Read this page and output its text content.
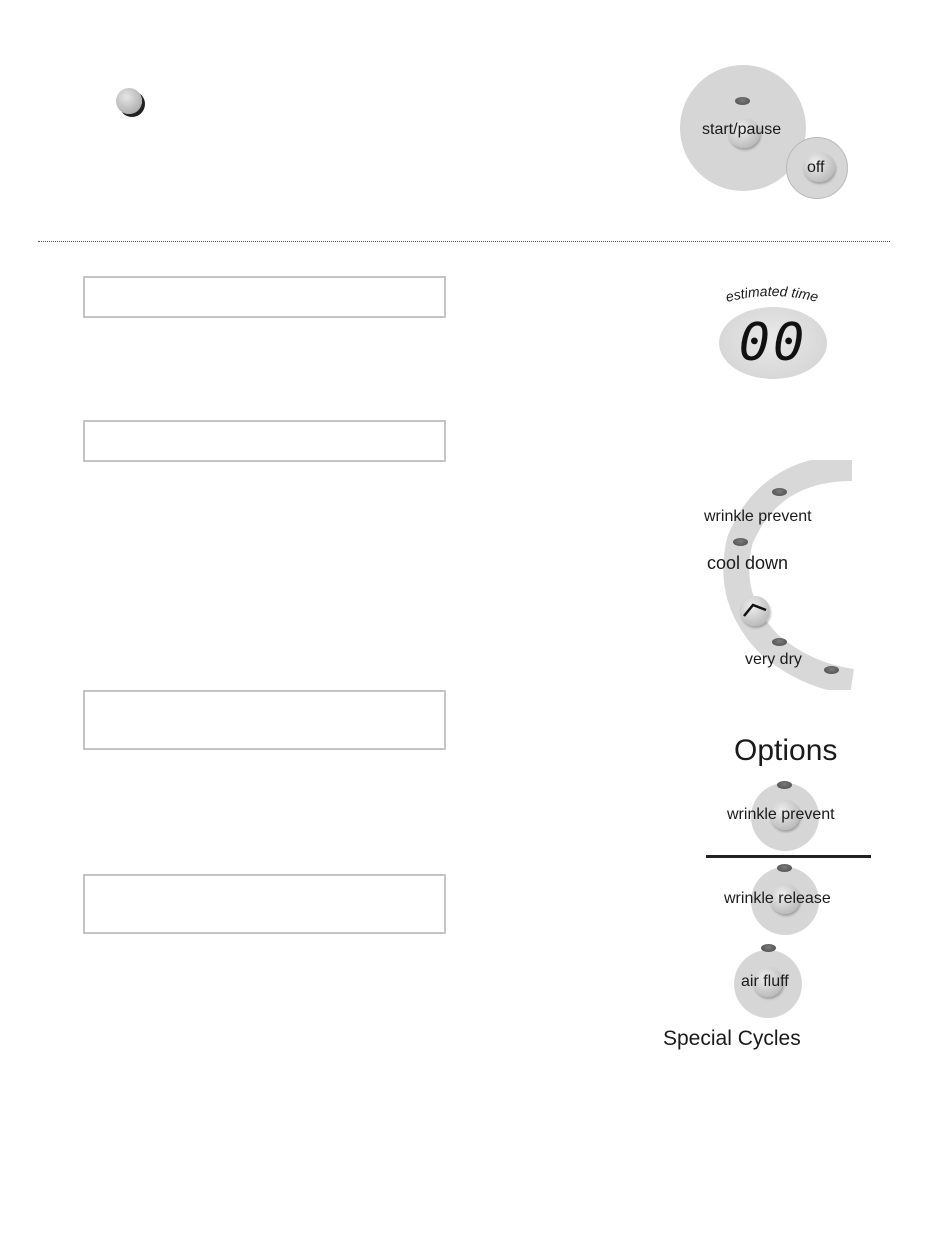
start/pause
off
estimated time
00
wrinkle prevent
cool down
very dry
Options
wrinkle prevent
wrinkle release
air fluff
Special Cycles
